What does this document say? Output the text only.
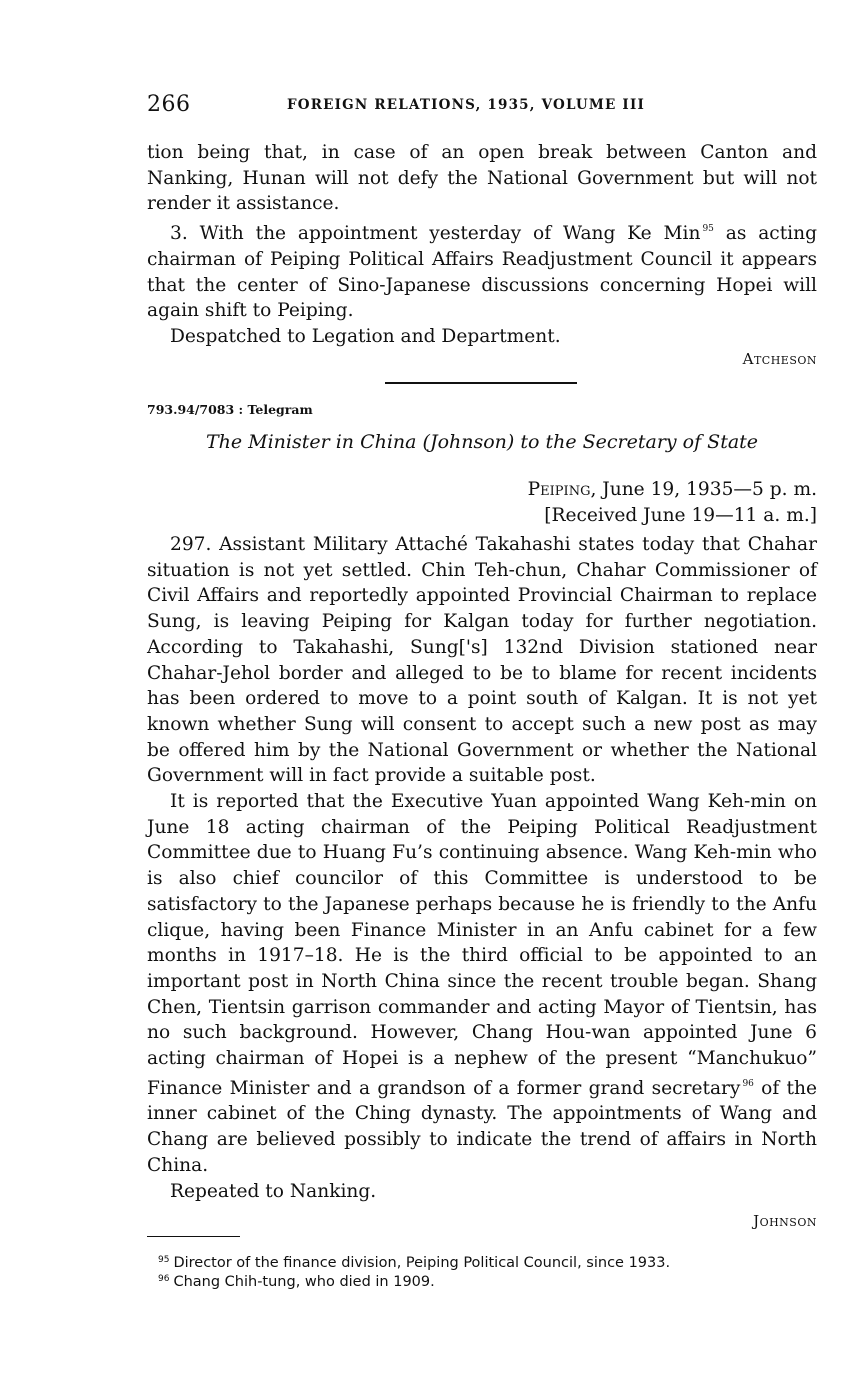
266	FOREIGN RELATIONS, 1935, VOLUME III

tion being that, in case of an open break between Canton and Nanking, Hunan will not defy the National Government but will not render it assistance.

3. With the appointment yesterday of Wang Ke Min $^{95}$ as acting chairman of Peiping Political Affairs Readjustment Council it appears that the center of Sino-Japanese discussions concerning Hopei will again shift to Peiping.

Despatched to Legation and Department.

Atcheson
793.94/7083 : Telegram
The Minister in China (Johnson) to the Secretary of State
Peiping, June 19, 1935—5 p. m.
[Received June 19—11 a. m.]

297. Assistant Military Attaché Takahashi states today that Chahar situation is not yet settled. Chin Teh-chun, Chahar Commissioner of Civil Affairs and reportedly appointed Provincial Chairman to replace Sung, is leaving Peiping for Kalgan today for further negotiation. According to Takahashi, Sung['s] 132nd Division stationed near Chahar-Jehol border and alleged to be to blame for recent incidents has been ordered to move to a point south of Kalgan. It is not yet known whether Sung will consent to accept such a new post as may be offered him by the National Government or whether the National Government will in fact provide a suitable post.

It is reported that the Executive Yuan appointed Wang Keh-min on June 18 acting chairman of the Peiping Political Readjustment Committee due to Huang Fu’s continuing absence. Wang Keh-min who is also chief councilor of this Committee is understood to be satisfactory to the Japanese perhaps because he is friendly to the Anfu clique, having been Finance Minister in an Anfu cabinet for a few months in 1917–18. He is the third official to be appointed to an important post in North China since the recent trouble began. Shang Chen, Tientsin garrison commander and acting Mayor of Tientsin, has no such background. However, Chang Hou-wan appointed June 6 acting chairman of Hopei is a nephew of the present “Manchukuo” Finance Minister and a grandson of a former grand secretary $^{96}$ of the inner cabinet of the Ching dynasty. The appointments of Wang and Chang are believed possibly to indicate the trend of affairs in North China.

Repeated to Nanking.

Johnson
$^{95}$ Director of the finance division, Peiping Political Council, since 1933.
$^{96}$ Chang Chih-tung, who died in 1909.
